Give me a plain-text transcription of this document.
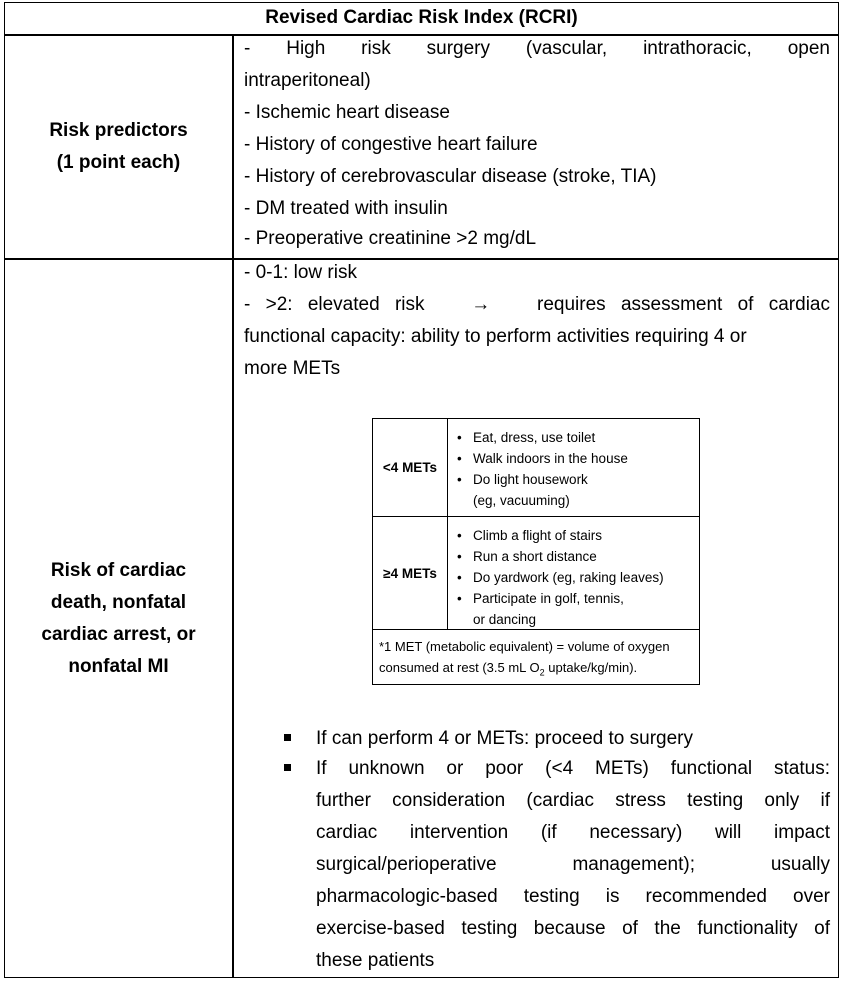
Revised Cardiac Risk Index (RCRI)
Risk predictors
(1 point each)
- High risk surgery (vascular, intrathoracic, open
intraperitoneal)
- Ischemic heart disease
- History of congestive heart failure
- History of cerebrovascular disease (stroke, TIA)
- DM treated with insulin
- Preoperative creatinine >2 mg/dL
Risk of cardiac
death, nonfatal
cardiac arrest, or
nonfatal MI
- 0-1: low risk
- >2: elevated risk → requires assessment of cardiac
functional capacity: ability to perform activities requiring 4 or
more METs
<4 METs
• Eat, dress, use toilet
• Walk indoors in the house
• Do light housework
(eg, vacuuming)
≥4 METs
• Climb a flight of stairs
• Run a short distance
• Do yardwork (eg, raking leaves)
• Participate in golf, tennis,
or dancing
*1 MET (metabolic equivalent) = volume of oxygen
consumed at rest (3.5 mL $O_2$ uptake/kg/min).
If can perform 4 or METs: proceed to surgery
If unknown or poor (<4 METs) functional status:
further consideration (cardiac stress testing only if
cardiac intervention (if necessary) will impact
surgical/perioperative management); usually
pharmacologic-based testing is recommended over
exercise-based testing because of the functionality of
these patients
